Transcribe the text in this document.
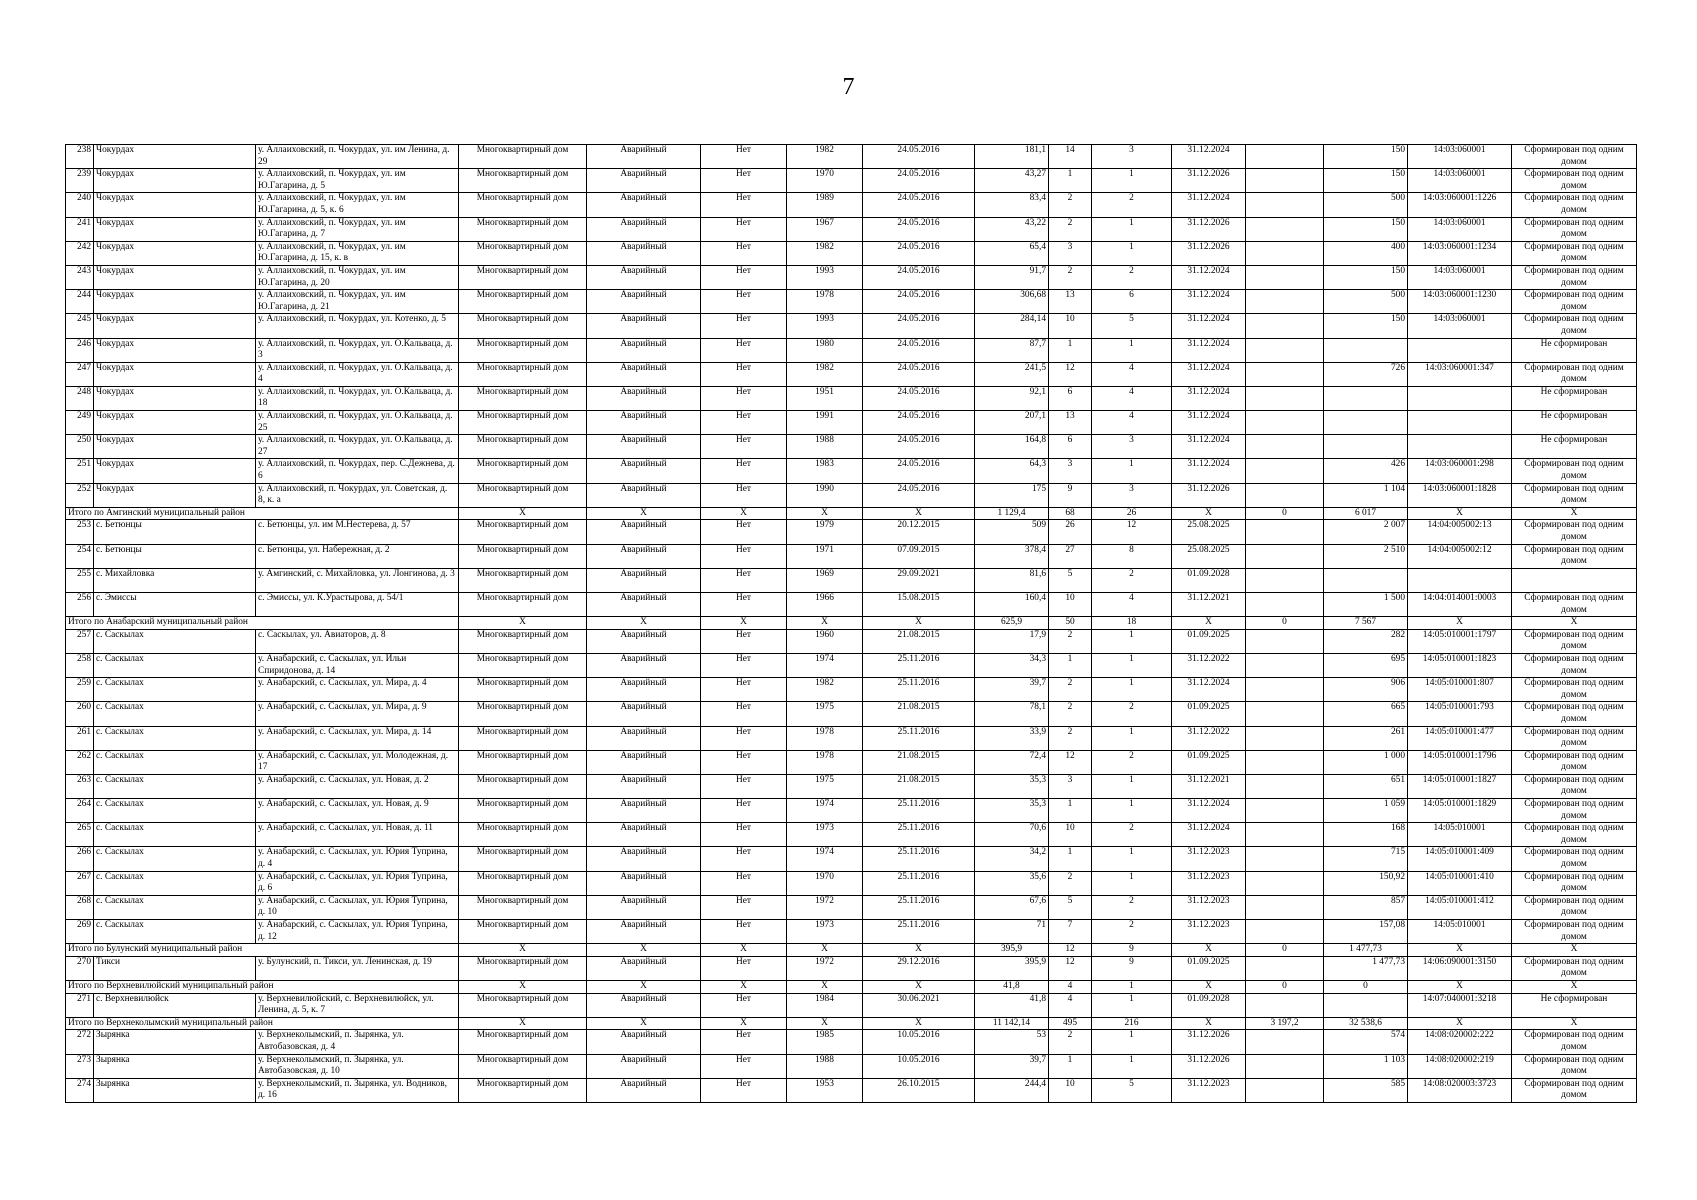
7
238	Чокурдах	у. Аллаиховский, п. Чокурдах, ул. им Ленина, д. 29	Многоквартирный дом	Аварийный	Нет	1982	24.05.2016	181,1	14	3	31.12.2024		150	14:03:060001	Сформирован под одним домом
239	Чокурдах	у. Аллаиховский, п. Чокурдах, ул. им Ю.Гагарина, д. 5	Многоквартирный дом	Аварийный	Нет	1970	24.05.2016	43,27	1	1	31.12.2026		150	14:03:060001	Сформирован под одним домом
240	Чокурдах	у. Аллаиховский, п. Чокурдах, ул. им Ю.Гагарина, д. 5, к. 6	Многоквартирный дом	Аварийный	Нет	1989	24.05.2016	83,4	2	2	31.12.2024		500	14:03:060001:1226	Сформирован под одним домом
241	Чокурдах	у. Аллаиховский, п. Чокурдах, ул. им Ю.Гагарина, д. 7	Многоквартирный дом	Аварийный	Нет	1967	24.05.2016	43,22	2	1	31.12.2026		150	14:03:060001	Сформирован под одним домом
242	Чокурдах	у. Аллаиховский, п. Чокурдах, ул. им Ю.Гагарина, д. 15, к. в	Многоквартирный дом	Аварийный	Нет	1982	24.05.2016	65,4	3	1	31.12.2026		400	14:03:060001:1234	Сформирован под одним домом
243	Чокурдах	у. Аллаиховский, п. Чокурдах, ул. им Ю.Гагарина, д. 20	Многоквартирный дом	Аварийный	Нет	1993	24.05.2016	91,7	2	2	31.12.2024		150	14:03:060001	Сформирован под одним домом
244	Чокурдах	у. Аллаиховский, п. Чокурдах, ул. им Ю.Гагарина, д. 21	Многоквартирный дом	Аварийный	Нет	1978	24.05.2016	306,68	13	6	31.12.2024		500	14:03:060001:1230	Сформирован под одним домом
245	Чокурдах	у. Аллаиховский, п. Чокурдах, ул. Котенко, д. 5	Многоквартирный дом	Аварийный	Нет	1993	24.05.2016	284,14	10	5	31.12.2024		150	14:03:060001	Сформирован под одним домом
246	Чокурдах	у. Аллаиховский, п. Чокурдах, ул. О.Кальваца, д. 3	Многоквартирный дом	Аварийный	Нет	1980	24.05.2016	87,7	1	1	31.12.2024				Не сформирован
247	Чокурдах	у. Аллаиховский, п. Чокурдах, ул. О.Кальваца, д. 4	Многоквартирный дом	Аварийный	Нет	1982	24.05.2016	241,5	12	4	31.12.2024		726	14:03:060001:347	Сформирован под одним домом
248	Чокурдах	у. Аллаиховский, п. Чокурдах, ул. О.Кальваца, д. 18	Многоквартирный дом	Аварийный	Нет	1951	24.05.2016	92,1	6	4	31.12.2024				Не сформирован
249	Чокурдах	у. Аллаиховский, п. Чокурдах, ул. О.Кальваца, д. 25	Многоквартирный дом	Аварийный	Нет	1991	24.05.2016	207,1	13	4	31.12.2024				Не сформирован
250	Чокурдах	у. Аллаиховский, п. Чокурдах, ул. О.Кальваца, д. 27	Многоквартирный дом	Аварийный	Нет	1988	24.05.2016	164,8	6	3	31.12.2024				Не сформирован
251	Чокурдах	у. Аллаиховский, п. Чокурдах, пер. С.Дежнева, д. 6	Многоквартирный дом	Аварийный	Нет	1983	24.05.2016	64,3	3	1	31.12.2024		426	14:03:060001:298	Сформирован под одним домом
252	Чокурдах	у. Аллаиховский, п. Чокурдах, ул. Советская, д. 8, к. а	Многоквартирный дом	Аварийный	Нет	1990	24.05.2016	175	9	3	31.12.2026		1 104	14:03:060001:1828	Сформирован под одним домом
Итого по Амгинский муниципальный район			X	X	X	X	X	1 129,4	68	26	X	0	6 017	X	X
253	с. Бетюнцы	с. Бетюнцы, ул. им М.Нестерева, д. 57	Многоквартирный дом	Аварийный	Нет	1979	20.12.2015	509	26	12	25.08.2025		2 007	14:04:005002:13	Сформирован под одним домом
254	с. Бетюнцы	с. Бетюнцы, ул. Набережная, д. 2	Многоквартирный дом	Аварийный	Нет	1971	07.09.2015	378,4	27	8	25.08.2025		2 510	14:04:005002:12	Сформирован под одним домом
255	с. Михайловка	у. Амгинский, с. Михайловка, ул. Лонгинова, д. 3	Многоквартирный дом	Аварийный	Нет	1969	29.09.2021	81,6	5	2	01.09.2028				
256	с. Эмиссы	с. Эмиссы, ул. К.Урастырова, д. 54/1	Многоквартирный дом	Аварийный	Нет	1966	15.08.2015	160,4	10	4	31.12.2021		1 500	14:04:014001:0003	Сформирован под одним домом
Итого по Анабарский муниципальный район			X	X	X	X	X	625,9	50	18	X	0	7 567	X	X
257	с. Саскылах	с. Саскылах, ул. Авиаторов, д. 8	Многоквартирный дом	Аварийный	Нет	1960	21.08.2015	17,9	2	1	01.09.2025		282	14:05:010001:1797	Сформирован под одним домом
258	с. Саскылах	у. Анабарский, с. Саскылах, ул. Ильи Спиридонова, д. 14	Многоквартирный дом	Аварийный	Нет	1974	25.11.2016	34,3	1	1	31.12.2022		695	14:05:010001:1823	Сформирован под одним домом
259	с. Саскылах	у. Анабарский, с. Саскылах, ул. Мира, д. 4	Многоквартирный дом	Аварийный	Нет	1982	25.11.2016	39,7	2	1	31.12.2024		906	14:05:010001:807	Сформирован под одним домом
260	с. Саскылах	у. Анабарский, с. Саскылах, ул. Мира, д. 9	Многоквартирный дом	Аварийный	Нет	1975	21.08.2015	78,1	2	2	01.09.2025		665	14:05:010001:793	Сформирован под одним домом
261	с. Саскылах	у. Анабарский, с. Саскылах, ул. Мира, д. 14	Многоквартирный дом	Аварийный	Нет	1978	25.11.2016	33,9	2	1	31.12.2022		261	14:05:010001:477	Сформирован под одним домом
262	с. Саскылах	у. Анабарский, с. Саскылах, ул. Молодежная, д. 17	Многоквартирный дом	Аварийный	Нет	1978	21.08.2015	72,4	12	2	01.09.2025		1 000	14:05:010001:1796	Сформирован под одним домом
263	с. Саскылах	у. Анабарский, с. Саскылах, ул. Новая, д. 2	Многоквартирный дом	Аварийный	Нет	1975	21.08.2015	35,3	3	1	31.12.2021		651	14:05:010001:1827	Сформирован под одним домом
264	с. Саскылах	у. Анабарский, с. Саскылах, ул. Новая, д. 9	Многоквартирный дом	Аварийный	Нет	1974	25.11.2016	35,3	1	1	31.12.2024		1 059	14:05:010001:1829	Сформирован под одним домом
265	с. Саскылах	у. Анабарский, с. Саскылах, ул. Новая, д. 11	Многоквартирный дом	Аварийный	Нет	1973	25.11.2016	70,6	10	2	31.12.2024		168	14:05:010001	Сформирован под одним домом
266	с. Саскылах	у. Анабарский, с. Саскылах, ул. Юрия Туприна, д. 4	Многоквартирный дом	Аварийный	Нет	1974	25.11.2016	34,2	1	1	31.12.2023		715	14:05:010001:409	Сформирован под одним домом
267	с. Саскылах	у. Анабарский, с. Саскылах, ул. Юрия Туприна, д. 6	Многоквартирный дом	Аварийный	Нет	1970	25.11.2016	35,6	2	1	31.12.2023		150,92	14:05:010001:410	Сформирован под одним домом
268	с. Саскылах	у. Анабарский, с. Саскылах, ул. Юрия Туприна, д. 10	Многоквартирный дом	Аварийный	Нет	1972	25.11.2016	67,6	5	2	31.12.2023		857	14:05:010001:412	Сформирован под одним домом
269	с. Саскылах	у. Анабарский, с. Саскылах, ул. Юрия Туприна, д. 12	Многоквартирный дом	Аварийный	Нет	1973	25.11.2016	71	7	2	31.12.2023		157,08	14:05:010001	Сформирован под одним домом
Итого по Булунский муниципальный район			X	X	X	X	X	395,9	12	9	X	0	1 477,73	X	X
270	Тикси	у. Булунский, п. Тикси, ул. Ленинская, д. 19	Многоквартирный дом	Аварийный	Нет	1972	29.12.2016	395,9	12	9	01.09.2025		1 477,73	14:06:090001:3150	Сформирован под одним домом
Итого по Верхневилюйский муниципальный район			X	X	X	X	X	41,8	4	1	X	0	0	X	X
271	с. Верхневилюйск	у. Верхневилюйский, с. Верхневилюйск, ул. Ленина, д. 5, к. 7	Многоквартирный дом	Аварийный	Нет	1984	30.06.2021	41,8	4	1	01.09.2028			14:07:040001:3218	Не сформирован
Итого по Верхнеколымский муниципальный район			X	X	X	X	X	11 142,14	495	216	X	3 197,2	32 538,6	X	X
272	Зырянка	у. Верхнеколымский, п. Зырянка, ул. Автобазовская, д. 4	Многоквартирный дом	Аварийный	Нет	1985	10.05.2016	53	2	1	31.12.2026		574	14:08:020002:222	Сформирован под одним домом
273	Зырянка	у. Верхнеколымский, п. Зырянка, ул. Автобазовская, д. 10	Многоквартирный дом	Аварийный	Нет	1988	10.05.2016	39,7	1	1	31.12.2026		1 103	14:08:020002:219	Сформирован под одним домом
274	Зырянка	у. Верхнеколымский, п. Зырянка, ул. Водников, д. 16	Многоквартирный дом	Аварийный	Нет	1953	26.10.2015	244,4	10	5	31.12.2023		585	14:08:020003:3723	Сформирован под одним домом
